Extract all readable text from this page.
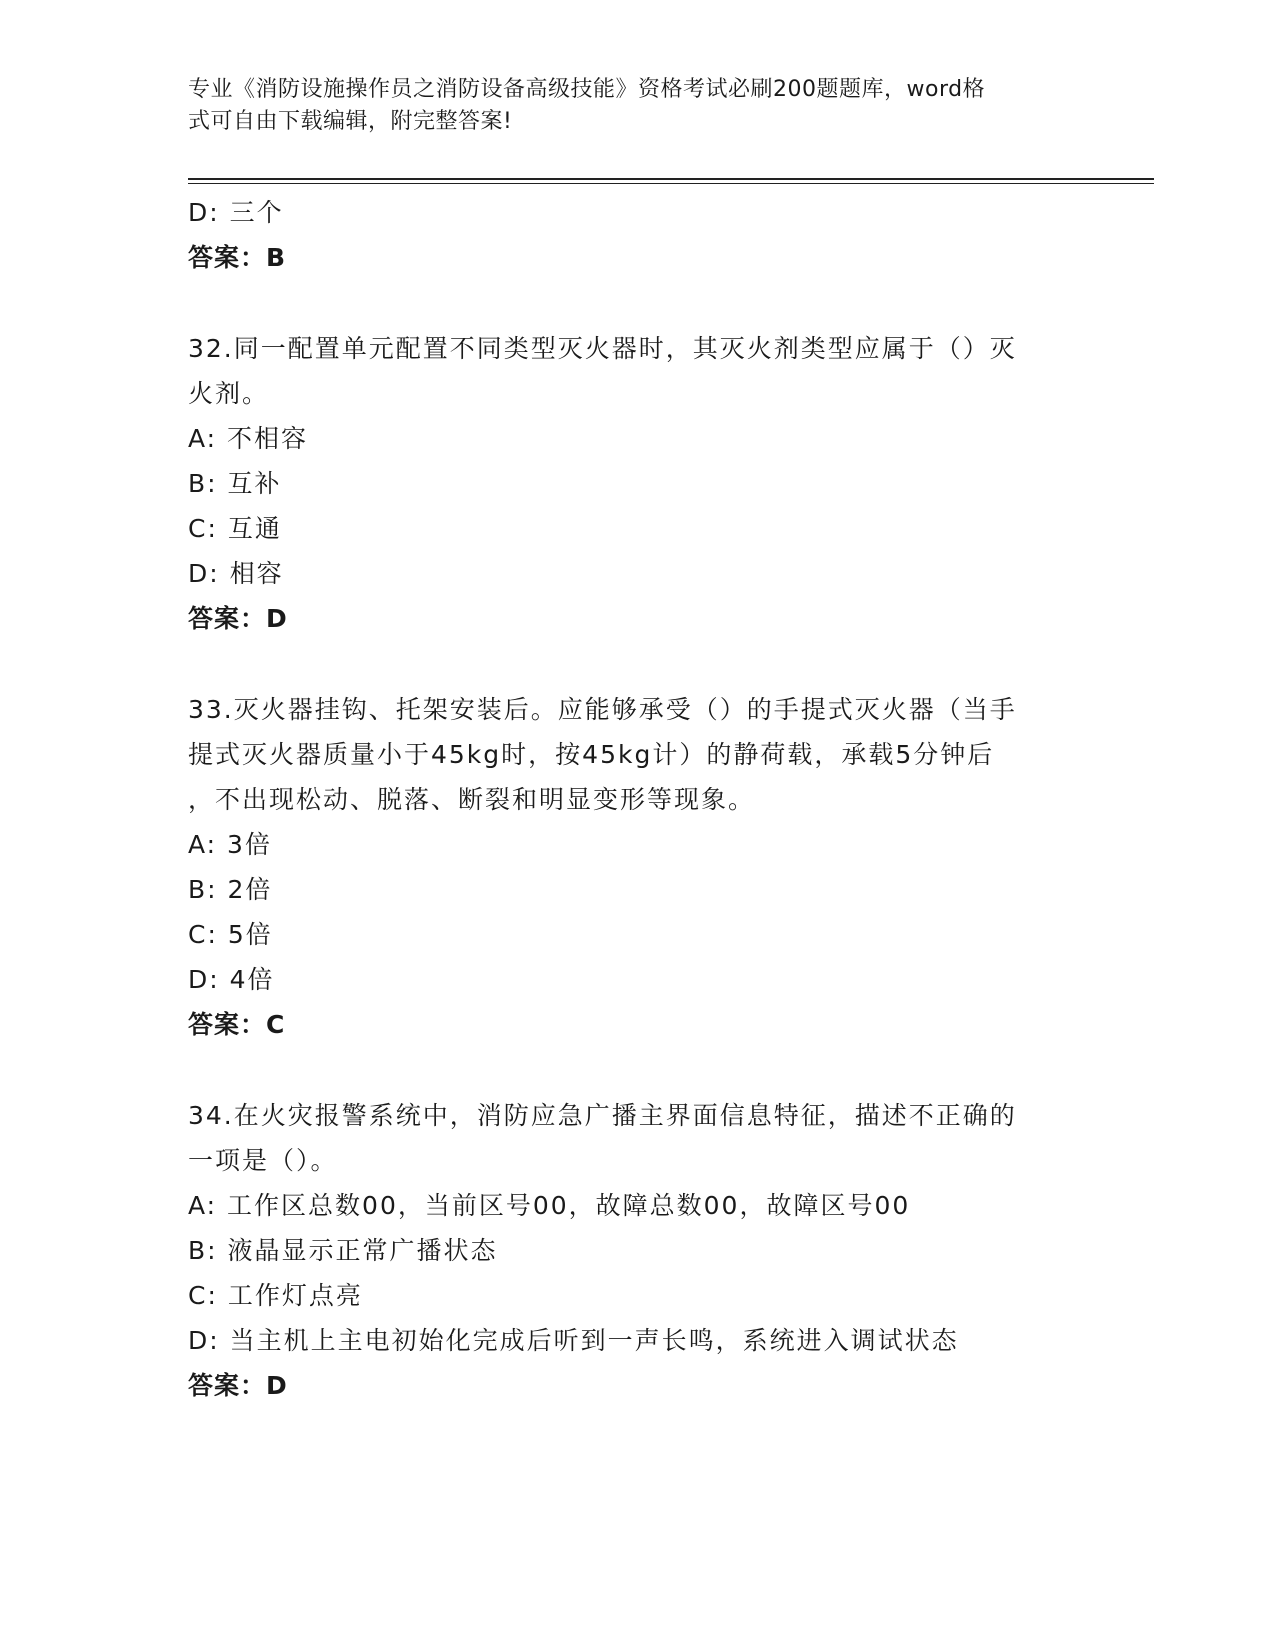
专业《消防设施操作员之消防设备高级技能》资格考试必刷200题题库，word格
式可自由下载编辑，附完整答案!
D: 三个
答案：B
32.同一配置单元配置不同类型灭火器时，其灭火剂类型应属于（）灭
火剂。
A: 不相容
B: 互补
C: 互通
D: 相容
答案：D
33.灭火器挂钩、托架安装后。应能够承受（）的手提式灭火器（当手
提式灭火器质量小于45kg时，按45kg计）的静荷载，承载5分钟后
，不出现松动、脱落、断裂和明显变形等现象。
A: 3倍
B: 2倍
C: 5倍
D: 4倍
答案：C
34.在火灾报警系统中，消防应急广播主界面信息特征，描述不正确的
一项是（）。
A: 工作区总数00，当前区号00，故障总数00，故障区号00
B: 液晶显示正常广播状态
C: 工作灯点亮
D: 当主机上主电初始化完成后听到一声长鸣，系统进入调试状态
答案：D
